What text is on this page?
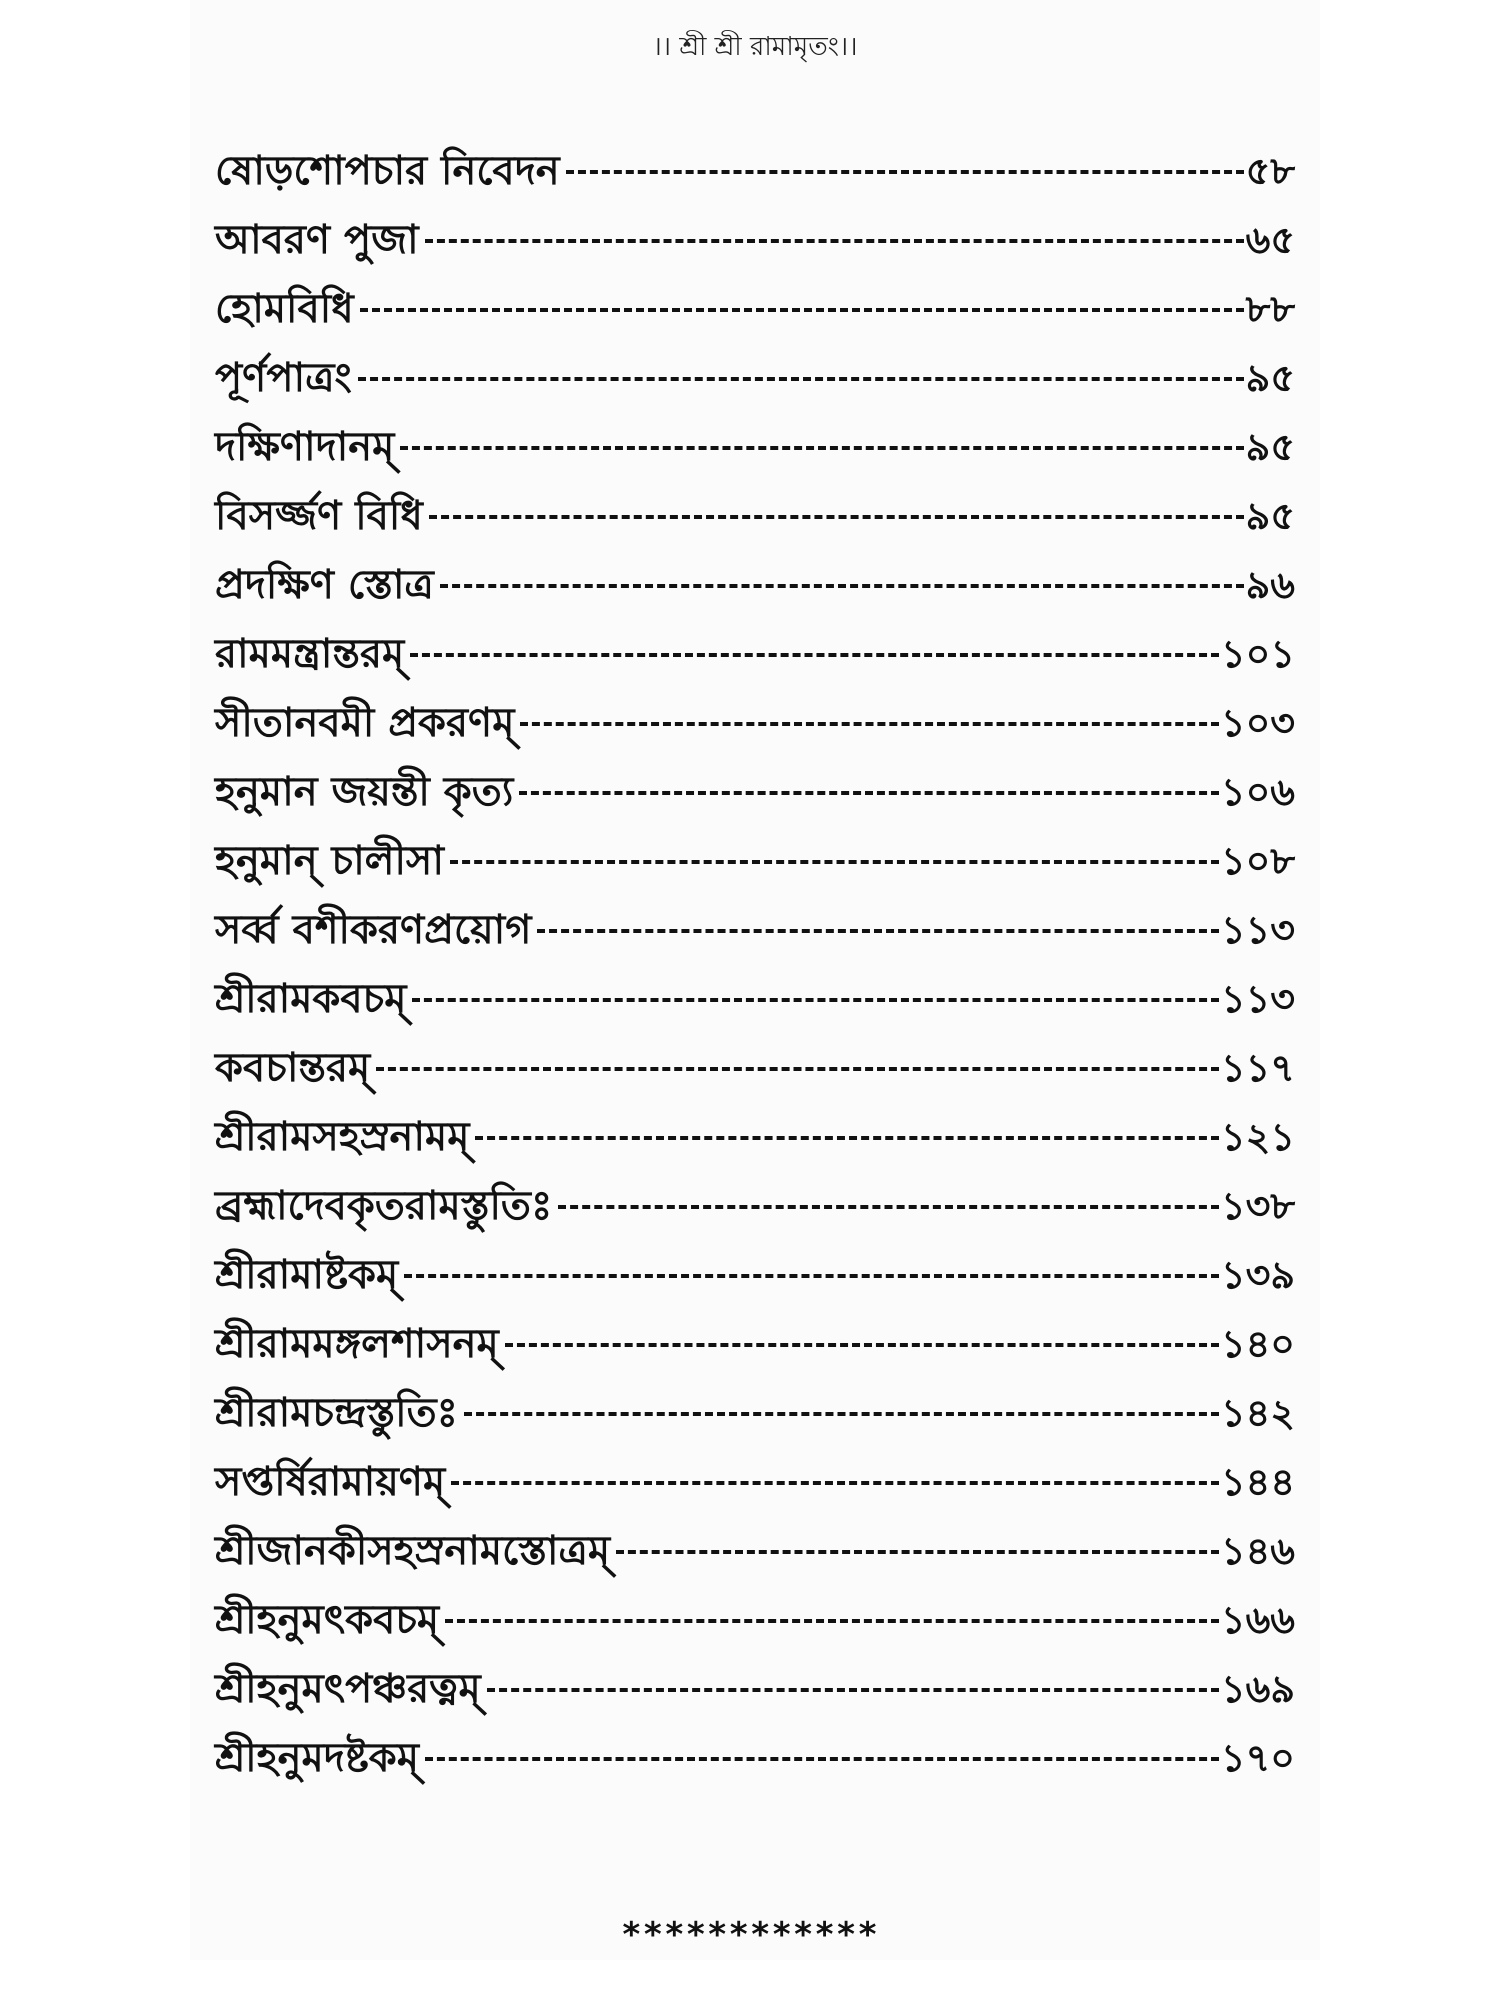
।। শ্রী শ্রী রামামৃতং।।
ষোড়শোপচার নিবেদন	৫৮
আবরণ পুজা	৬৫
হোমবিধি	৮৮
পূর্ণপাত্রং	৯৫
দক্ষিণাদানম্	৯৫
বিসর্জ্জণ বিধি	৯৫
প্রদক্ষিণ স্তোত্র	৯৬
রামমন্ত্রান্তরম্	১০১
সীতানবমী প্রকরণম্	১০৩
হনুমান জয়ন্তী কৃত্য	১০৬
হনুমান্ চালীসা	১০৮
সর্ব্ব বশীকরণপ্রয়োগ	১১৩
শ্রীরামকবচম্	১১৩
কবচান্তরম্	১১৭
শ্রীরামসহস্রনামম্	১২১
ব্রহ্মাদেবকৃতরামস্তুতিঃ	১৩৮
শ্রীরামাষ্টকম্	১৩৯
শ্রীরামমঙ্গলশাসনম্	১৪০
শ্রীরামচন্দ্রস্তুতিঃ	১৪২
সপ্তর্ষিরামায়ণম্	১৪৪
শ্রীজানকীসহস্রনামস্তোত্রম্	১৪৬
শ্রীহনুমৎকবচম্	১৬৬
শ্রীহনুমৎপঞ্চরত্নম্	১৬৯
শ্রীহনুমদষ্টকম্	১৭০
************
